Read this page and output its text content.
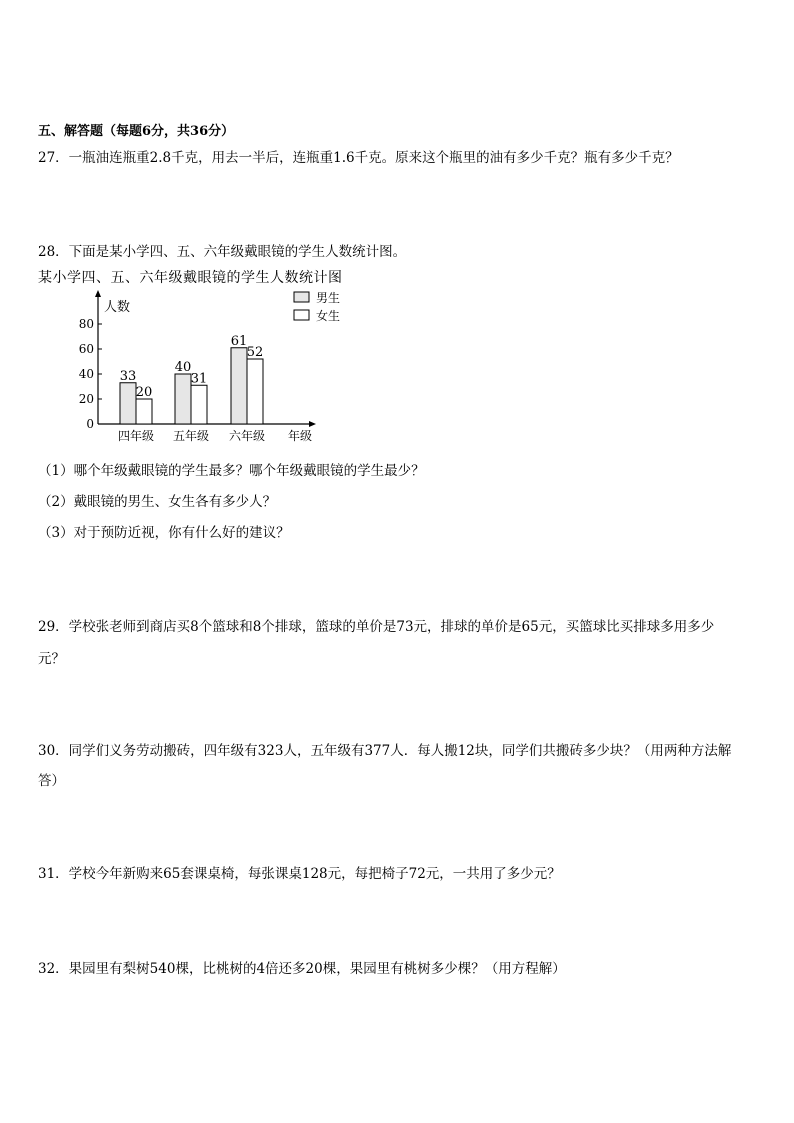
五、解答题（每题6分，共36分）
27．一瓶油连瓶重2.8千克，用去一半后，连瓶重1.6千克。原来这个瓶里的油有多少千克？瓶有多少千克？
28．下面是某小学四、五、六年级戴眼镜的学生人数统计图。
某小学四、五、六年级戴眼镜的学生人数统计图
人数
年级
0
20
40
60
80
33
20
四年级
40
31
五年级
61
52
六年级
男生
女生
（1）哪个年级戴眼镜的学生最多？哪个年级戴眼镜的学生最少？
（2）戴眼镜的男生、女生各有多少人？
（3）对于预防近视，你有什么好的建议？
29．学校张老师到商店买8个篮球和8个排球，篮球的单价是73元，排球的单价是65元，买篮球比买排球多用多少
元？
30．同学们义务劳动搬砖，四年级有323人，五年级有377人．每人搬12块，同学们共搬砖多少块？（用两种方法解
答）
31．学校今年新购来65套课桌椅，每张课桌128元，每把椅子72元，一共用了多少元？
32．果园里有梨树540棵，比桃树的4倍还多20棵，果园里有桃树多少棵？（用方程解）
